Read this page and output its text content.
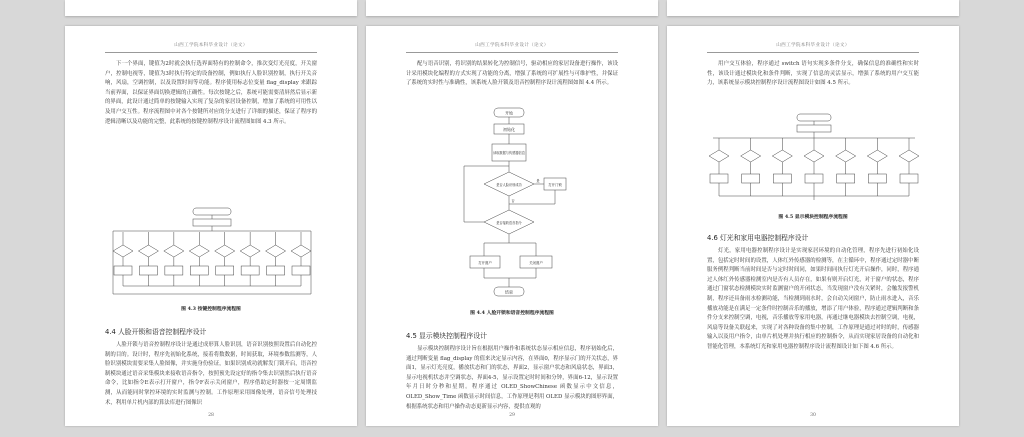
山西工学院本科毕业设计（论文）

下一个界面，键值为2时就会执行选界面特有的控制命令，推次变灯光亮度，开关窗户，控制电视等，键值为3时执行特定的设备控制，例如执行人脸识别控制，执行开关音响，风扇，空调控制，以及设置时间等功能。程序使用标志位变量 flag_display 来跟踪当前界面，以保证界面切换逻辑的正确性。每次按键之后，系统可能需要清屏然后显示新的界面，此设计通过简单的按键输入实现了复杂的家居设备控制，增加了系统的可用性以及用户交互性。程序流程图中对各个按键所对应的分支进行了详细的描述，保证了程序的逻辑清晰以及功能的完整，此系统的按键控制程序设计流程图如图 4.3 所示。

图 4.3 按键控制程序流程图
4.4 人脸开锁和语音控制程序设计

人脸开锁与语音控制程序设计是通过成形算人脸识别，语音识别按照设置后自动化控制的目的。设计时，程序先初始化系统，接着将数数据，时间获取，环境参数监测等，人脸识别模块需要采集人脸图像，并实施身份验证，如果识别成功就解发门锁开启，语音控制模块通过语音采集模块来接收语音指令，按照预先设定好的指令集去识别然后执行语音命令，比如指令E表示打开窗户，指令F表示关闭窗户，程序借助定时器按一定周期监测，从而能同时掌控环境的实时监测与控制。工作原理采用图像处理，语音信号处理技术，利用单片机内部的算法库进行图像识

28
山西工学院本科毕业设计（论文）

配与语音识别，将识别的结果转化为控制信号，驱动相应的家居设备进行操作，该设计采用模块化编程的方式实现了功能的分离，增强了系统的可扩展性与可维护性，并保证了系统的实时性与准确性，该系统人脸开锁及语音控制程序设计流程图如图 4.4 所示。

开始
初始化
读取数据与传感器信息
是否人脸识别成功	打开门锁
是否接收语音指令
打开窗户	关闭窗户
结束
是
否
图 4.4 人脸开锁和语音控制程序流程图
4.5 显示模块控制程序设计

显示模块控制程序设计旨在根据用户操作和系统状态显示相应信息，程序初始化后，通过判断变量 flag_display 的值来决定显示内容，在界面0，程序显示门的开关状态，界面1，显示灯光亮度，播放状态和门的状态，界面2，显示窗户状态和风扇状态，界面3，显示电视机状态并空调状态，界面4-5，显示设置定时时间和分钟，界面6-12，显示设置年月日时分秒和星期。程序通过 OLED_ShowChinese 函数显示中文信息，OLED_Show_Time 函数显示时间信息，工作原理是利用 OLED 显示模块的图形界面，根据系统状态和用户操作动态更新显示内容，提供直观的

29
山西工学院本科毕业设计（论文）

用户交互体验，程序通过 switch 语句实现多条件分支，确保信息的准确性和实时性，该设计通过模块化和条件判断，实现了信息的灵活显示，增强了系统的用户交互能力，该系统显示模块控制程序设计流程图设计如图 4.5 所示。

图 4.5 显示模块控制程序流程图
4.6 灯光和家用电器控制程序设计

灯光，家用电器控制程序设计是实现家居环境的自动化管理，程序先进行初始化设置，包括定时时间的设置，人体红外传感器的检测等，在主循环中，程序通过定时器中断服务例程判断当前时间是否与定时时间同，如果时间同执行灯光开启操作，同时，程序通过人体红外传感器检测室内是否有人员存在，如果有则开启灯光，对于窗户的状态，程序通过门窗状态检测模块实时监测窗户的开闭状态，当发现窗户没有关紧时，会触发报警机制，程序还具备雨水检测功能，当检测到雨水时，会自动关闭窗户，防止雨水进入，音乐播放功能是在满足一定条件时控制音乐的播放，增添了用户体验，程序通过逻辑判断和条件分支来控制空调，电视，音乐播放等家用电器，再通过继电器模块去控制空调，电视，风扇等设备关联起来，实现了对各种设备的集中控制，工作原理是通过对时的时，传感器输入以及用户指令，由单片机处理并执行相应的控制指令，从而实现家居设备的自动化和智能化管理，本系统灯光和家用电器控制程序设计流程图设计如下图 4.6 所示。

30
